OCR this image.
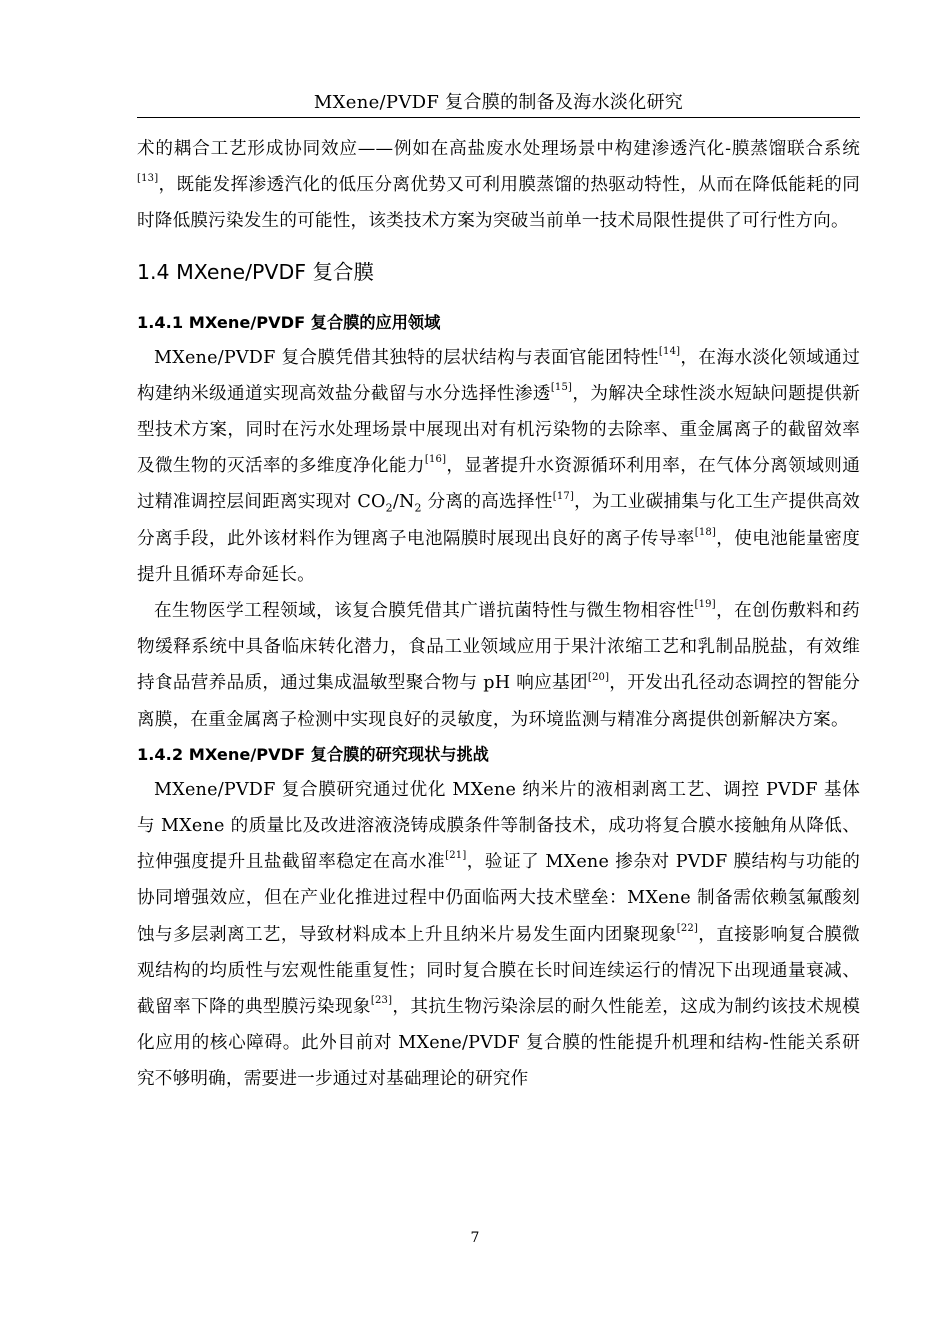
MXene/PVDF 复合膜的制备及海水淡化研究

术的耦合工艺形成协同效应——例如在高盐废水处理场景中构建渗透汽化-膜蒸馏联合系统[13]，既能发挥渗透汽化的低压分离优势又可利用膜蒸馏的热驱动特性，从而在降低能耗的同时降低膜污染发生的可能性，该类技术方案为突破当前单一技术局限性提供了可行性方向。

1.4 MXene/PVDF 复合膜
1.4.1 MXene/PVDF 复合膜的应用领域

MXene/PVDF 复合膜凭借其独特的层状结构与表面官能团特性[14]，在海水淡化领域通过构建纳米级通道实现高效盐分截留与水分选择性渗透[15]，为解决全球性淡水短缺问题提供新型技术方案，同时在污水处理场景中展现出对有机污染物的去除率、重金属离子的截留效率及微生物的灭活率的多维度净化能力[16]，显著提升水资源循环利用率，在气体分离领域则通过精准调控层间距离实现对 $CO_2/N_2$ 分离的高选择性[17]，为工业碳捕集与化工生产提供高效分离手段，此外该材料作为锂离子电池隔膜时展现出良好的离子传导率[18]，使电池能量密度提升且循环寿命延长。

在生物医学工程领域，该复合膜凭借其广谱抗菌特性与微生物相容性[19]，在创伤敷料和药物缓释系统中具备临床转化潜力，食品工业领域应用于果汁浓缩工艺和乳制品脱盐，有效维持食品营养品质，通过集成温敏型聚合物与 pH 响应基团[20]，开发出孔径动态调控的智能分离膜，在重金属离子检测中实现良好的灵敏度，为环境监测与精准分离提供创新解决方案。

1.4.2 MXene/PVDF 复合膜的研究现状与挑战

MXene/PVDF 复合膜研究通过优化 MXene 纳米片的液相剥离工艺、调控 PVDF 基体与 MXene 的质量比及改进溶液浇铸成膜条件等制备技术，成功将复合膜水接触角从降低、拉伸强度提升且盐截留率稳定在高水准[21]，验证了 MXene 掺杂对 PVDF 膜结构与功能的协同增强效应，但在产业化推进过程中仍面临两大技术壁垒：MXene 制备需依赖氢氟酸刻蚀与多层剥离工艺，导致材料成本上升且纳米片易发生面内团聚现象[22]，直接影响复合膜微观结构的均质性与宏观性能重复性；同时复合膜在长时间连续运行的情况下出现通量衰减、截留率下降的典型膜污染现象[23]，其抗生物污染涂层的耐久性能差，这成为制约该技术规模化应用的核心障碍。此外目前对 MXene/PVDF 复合膜的性能提升机理和结构-性能关系研究不够明确，需要进一步通过对基础理论的研究作

7
